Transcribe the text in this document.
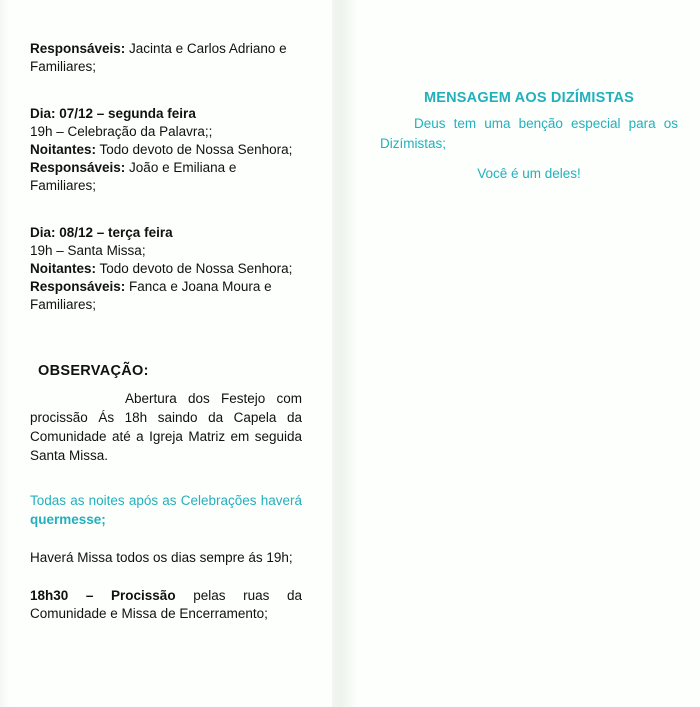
Responsáveis: Jacinta e Carlos Adriano e
Familiares;
Dia: 07/12 – segunda feira
19h – Celebração da Palavra;;
Noitantes: Todo devoto de Nossa Senhora;
Responsáveis: João e Emiliana e
Familiares;
Dia: 08/12 – terça feira
19h – Santa Missa;
Noitantes: Todo devoto de Nossa Senhora;
Responsáveis: Fanca e Joana Moura e
Familiares;
OBSERVAÇÃO:
Abertura dos Festejo com procissão Ás 18h saindo da Capela da Comunidade até a Igreja Matriz em seguida Santa Missa.
Todas as noites após as Celebrações haverá quermesse;
Haverá Missa todos os dias sempre ás 19h;
18h30 – Procissão pelas ruas da Comunidade e Missa de Encerramento;
MENSAGEM AOS DIZÍMISTAS
Deus tem uma benção especial para os Dizímistas;
Você é um deles!
